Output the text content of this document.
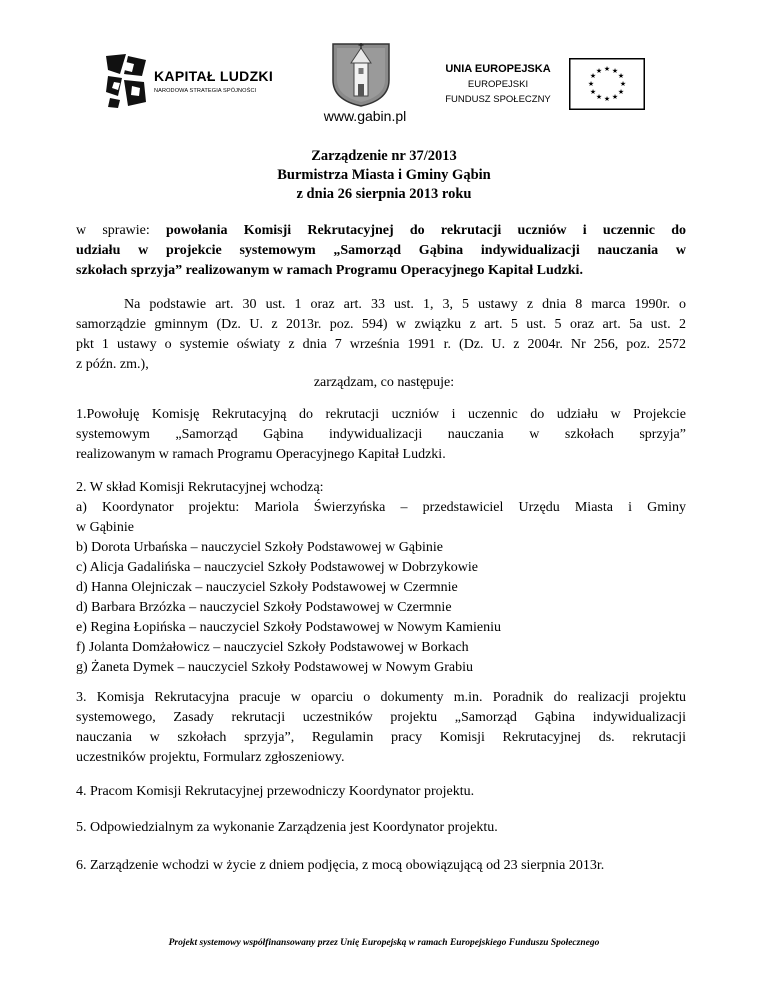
KAPITAŁ LUDZKI
NARODOWA STRATEGIA SPÓJNOŚCI
www.gabin.pl
UNIA EUROPEJSKA
EUROPEJSKI
FUNDUSZ SPOŁECZNY
★ ★
★
★
★
★
★
★
★
★
★
★
Zarządzenie nr 37/2013
Burmistrza Miasta i Gminy Gąbin
z dnia 26 sierpnia 2013 roku
w sprawie: powołania Komisji Rekrutacyjnej do rekrutacji uczniów i uczennic do
udziału w projekcie systemowym „Samorząd Gąbina indywidualizacji nauczania w
szkołach sprzyja” realizowanym w ramach Programu Operacyjnego Kapitał Ludzki.
Na podstawie art. 30 ust. 1 oraz art. 33 ust. 1, 3, 5 ustawy z dnia 8 marca 1990r. o
samorządzie gminnym (Dz. U. z 2013r. poz. 594) w związku z art. 5 ust. 5 oraz art. 5a ust. 2
pkt 1 ustawy o systemie oświaty z dnia 7 września 1991 r. (Dz. U. z 2004r. Nr 256, poz. 2572
z późn. zm.),
zarządzam, co następuje:
1.Powołuję Komisję Rekrutacyjną do rekrutacji uczniów i uczennic do udziału w Projekcie
systemowym „Samorząd Gąbina indywidualizacji nauczania w szkołach sprzyja”
realizowanym w ramach Programu Operacyjnego Kapitał Ludzki.
2. W skład Komisji Rekrutacyjnej wchodzą:
a) Koordynator projektu: Mariola Świerzyńska – przedstawiciel Urzędu Miasta i Gminy
w Gąbinie
b) Dorota Urbańska – nauczyciel Szkoły Podstawowej w Gąbinie
c) Alicja Gadalińska – nauczyciel Szkoły Podstawowej w Dobrzykowie
d) Hanna Olejniczak – nauczyciel Szkoły Podstawowej w Czermnie
d) Barbara Brzózka – nauczyciel Szkoły Podstawowej w Czermnie
e) Regina Łopińska – nauczyciel Szkoły Podstawowej w Nowym Kamieniu
f) Jolanta Domżałowicz – nauczyciel Szkoły Podstawowej w Borkach
g) Żaneta Dymek – nauczyciel Szkoły Podstawowej w Nowym Grabiu
3. Komisja Rekrutacyjna pracuje w oparciu o dokumenty m.in. Poradnik do realizacji projektu
systemowego, Zasady rekrutacji uczestników projektu „Samorząd Gąbina indywidualizacji
nauczania w szkołach sprzyja”, Regulamin pracy Komisji Rekrutacyjnej ds. rekrutacji
uczestników projektu, Formularz zgłoszeniowy.
4. Pracom Komisji Rekrutacyjnej przewodniczy Koordynator projektu.
5. Odpowiedzialnym za wykonanie Zarządzenia jest Koordynator projektu.
6. Zarządzenie wchodzi w życie z dniem podjęcia, z mocą obowiązującą od 23 sierpnia 2013r.
Projekt systemowy współfinansowany przez Unię Europejską w ramach Europejskiego Funduszu Społecznego
